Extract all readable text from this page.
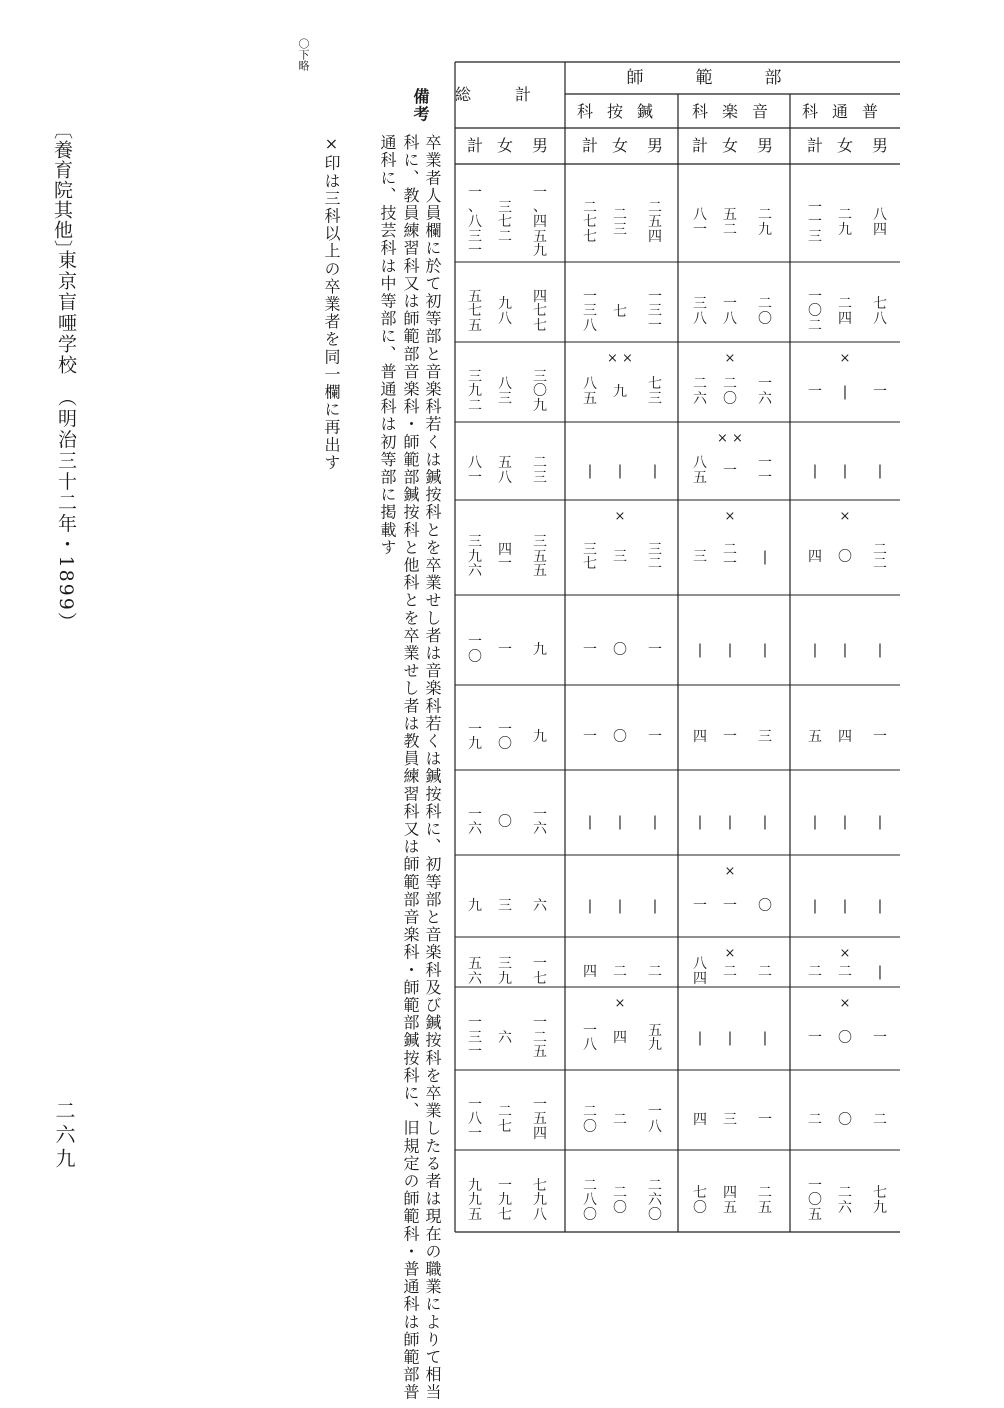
〔養育院其他〕
東京盲唖学校　（明治三十二年・1899）
二六九
〇下略
備考
卒業者人員欄に於て初等部と音楽科若くは鍼按科とを卒業せし者は音楽科若くは鍼按科に、初等部と音楽科及び鍼按科を卒業したる者は現在の職業によりて相当
科に、教員練習科又は師範部音楽科・師範部鍼按科と他科とを卒業せし者は教員練習科又は師範部音楽科・師範部鍼按科に、旧規定の師範科・普通科は師範部普
通科に、技芸科は中等部に、普通科は初等部に掲載す
×印は三科以上の卒業者を同一欄に再出す
師範部
総計
科通普
男
女
計
科楽音
男
女
計
科按鍼
男
女
計
男
女
計
八
四
二
九
一
一
三
二
九
五
二
八
一
二
五
四
二
三
二
七
七
一
、
四
五
九
三
七
二
一
、
八
三
一
七
八
二
四
一
〇
二
二
〇
一
八
三
八
一
三
一
七
一
三
八
四
七
七
九
八
五
七
五
一
|
一
×
一
六
二
〇
二
六
×
七
三
九
八
五
× ×
三
〇
九
八
三
三
九
二
|
|
|
一
一
一
八
五
× ×
|
|
|
二
三
五
八
八
一
二
二
〇
四
×
|
二
一
三
×
三
二
三
三
七
×
三
五
五
四
一
三
九
六
|
|
|
|
|
|
一
〇
一
九
一
一
〇
一
四
五
三
一
四
一
〇
一
九
一
〇
一
九
|
|
|
|
|
|
|
|
|
一
六
〇
一
六
|
|
|
〇
一
一
×
|
|
|
六
三
九
|
二
二
×
二
二
八
四
×
二
二
四
一
七
三
九
五
六
一
〇
一
×
|
|
|
五
九
四
一
八
×
一
二
五
六
一
三
一
二
〇
二
一
三
四
一
八
二
二
〇
一
五
四
二
七
一
八
一
七
九
二
六
一
〇
五
二
五
四
五
七
〇
二
六
〇
二
〇
二
八
〇
七
九
八
一
九
七
九
九
五
